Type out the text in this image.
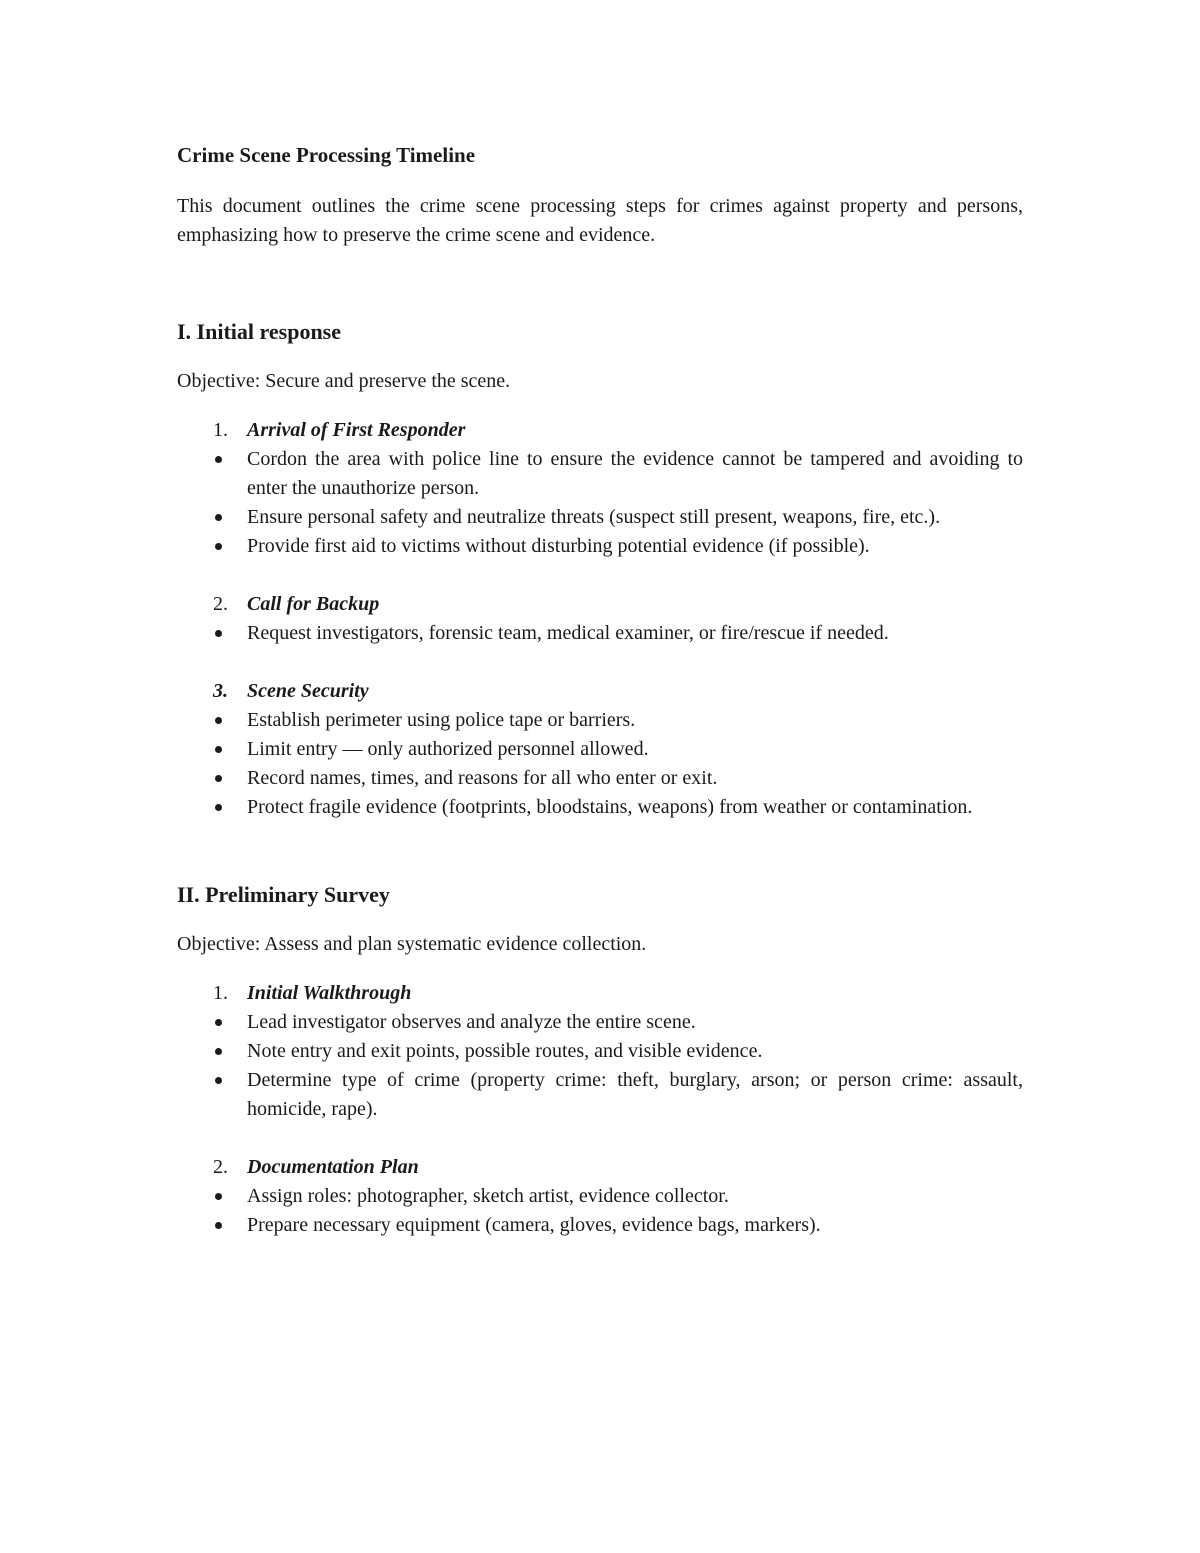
Crime Scene Processing Timeline

This document outlines the crime scene processing steps for crimes against property and persons, emphasizing how to preserve the crime scene and evidence.

I. Initial response
Objective: Secure and preserve the scene.
1. Arrival of First Responder
Cordon the area with police line to ensure the evidence cannot be tampered and avoiding to enter the unauthorize person.
Ensure personal safety and neutralize threats (suspect still present, weapons, fire, etc.).
Provide first aid to victims without disturbing potential evidence (if possible).
2. Call for Backup
Request investigators, forensic team, medical examiner, or fire/rescue if needed.
3. Scene Security
Establish perimeter using police tape or barriers.
Limit entry — only authorized personnel allowed.
Record names, times, and reasons for all who enter or exit.
Protect fragile evidence (footprints, bloodstains, weapons) from weather or contamination.
II. Preliminary Survey
Objective: Assess and plan systematic evidence collection.
1. Initial Walkthrough
Lead investigator observes and analyze the entire scene.
Note entry and exit points, possible routes, and visible evidence.
Determine type of crime (property crime: theft, burglary, arson; or person crime: assault, homicide, rape).
2. Documentation Plan
Assign roles: photographer, sketch artist, evidence collector.
Prepare necessary equipment (camera, gloves, evidence bags, markers).
